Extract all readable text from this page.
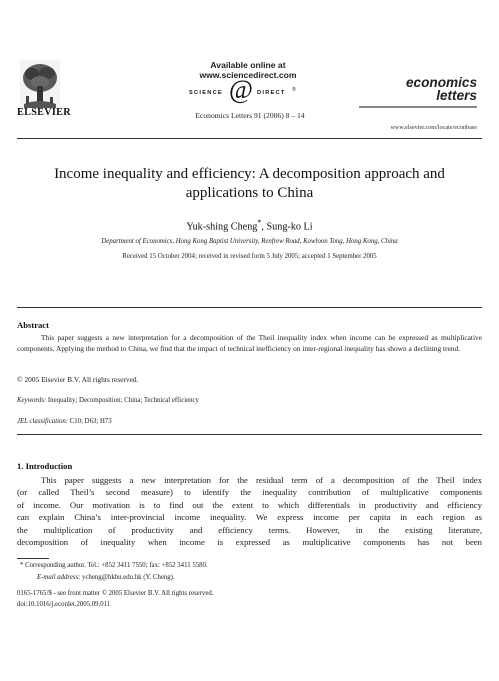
Available online at www.sciencedirect.com
SCIENCE @ DIRECT ®
Economics Letters 91 (2006) 8 – 14
ELSEVIER
economics
letters
www.elsevier.com/locate/econbase
Income inequality and efficiency: A decomposition approach and
applications to China
Yuk-shing Cheng*, Sung-ko Li
Department of Economics, Hong Kong Baptist University, Renfrew Road, Kowloon Tong, Hong Kong, China
Received 15 October 2004; received in revised form 5 July 2005; accepted 1 September 2005
Abstract

This paper suggests a new interpretation for a decomposition of the Theil inequality index when income can be expressed as multiplicative components. Applying the method to China, we find that the impact of technical inefficiency on inter-regional inequality has shown a declining trend.

© 2005 Elsevier B.V. All rights reserved.
Keywords: Inequality; Decomposition; China; Technical efficiency
JEL classification: C10; D63; H73
1. Introduction
This paper suggests a new interpretation for the residual term of a decomposition of the Theil index
(or called Theil’s second measure) to identify the inequality contribution of multiplicative components
of income. Our motivation is to find out the extent to which differentials in productivity and efficiency
can explain China’s inter-provincial income inequality. We express income per capita in each region as
the multiplication of productivity and efficiency terms. However, in the existing literature,
decomposition of inequality when income is expressed as multiplicative components has not been
* Corresponding author. Tel.: +852 3411 7550; fax: +852 3411 5580.
E-mail address: ycheng@hkbu.edu.hk (Y. Cheng).
0165-1765/$ - see front matter © 2005 Elsevier B.V. All rights reserved.
doi:10.1016/j.econlet.2005.09.011
